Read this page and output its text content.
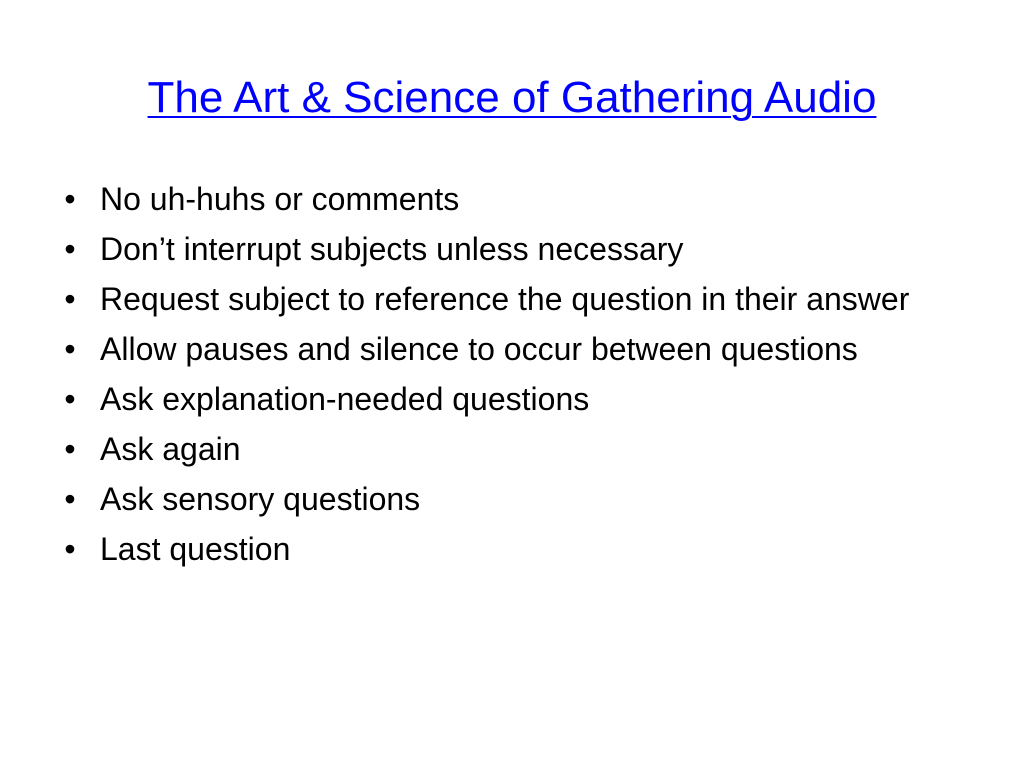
The Art & Science of Gathering Audio
• No uh-huhs or comments
• Don’t interrupt subjects unless necessary
• Request subject to reference the question in their answer
• Allow pauses and silence to occur between questions
• Ask explanation-needed questions
• Ask again
• Ask sensory questions
• Last question
